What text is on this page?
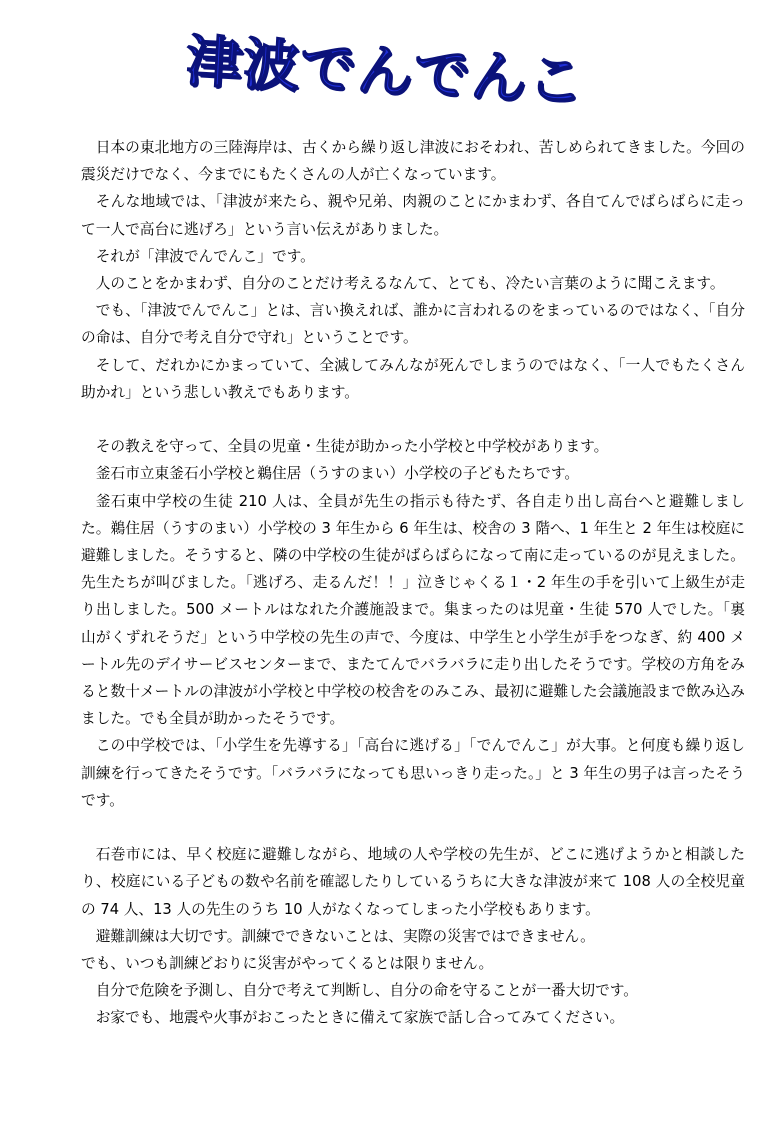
津波でんでんこ

日本の東北地方の三陸海岸は、古くから繰り返し津波におそわれ、苦しめられてきました。今回の震災だけでなく、今までにもたくさんの人が亡くなっています。

そんな地域では、「津波が来たら、親や兄弟、肉親のことにかまわず、各自てんでばらばらに走って一人で高台に逃げろ」という言い伝えがありました。

それが「津波でんでんこ」です。

人のことをかまわず、自分のことだけ考えるなんて、とても、冷たい言葉のように聞こえます。

でも、「津波でんでんこ」とは、言い換えれば、誰かに言われるのをまっているのではなく、「自分の命は、自分で考え自分で守れ」ということです。

そして、だれかにかまっていて、全滅してみんなが死んでしまうのではなく、「一人でもたくさん助かれ」という悲しい教えでもあります。

その教えを守って、全員の児童・生徒が助かった小学校と中学校があります。

釜石市立東釜石小学校と鵜住居（うすのまい）小学校の子どもたちです。

釜石東中学校の生徒 210 人は、全員が先生の指示も待たず、各自走り出し高台へと避難しました。鵜住居（うすのまい）小学校の 3 年生から 6 年生は、校舎の 3 階へ、1 年生と 2 年生は校庭に避難しました。そうすると、隣の中学校の生徒がばらばらになって南に走っているのが見えました。先生たちが叫びました。「逃げろ、走るんだ！！」泣きじゃくる１・2 年生の手を引いて上級生が走り出しました。500 メートルはなれた介護施設まで。集まったのは児童・生徒 570 人でした。「裏山がくずれそうだ」という中学校の先生の声で、今度は、中学生と小学生が手をつなぎ、約 400 メートル先のデイサービスセンターまで、またてんでバラバラに走り出したそうです。学校の方角をみると数十メートルの津波が小学校と中学校の校舎をのみこみ、最初に避難した会議施設まで飲み込みました。でも全員が助かったそうです。

この中学校では、「小学生を先導する」「高台に逃げる」「でんでんこ」が大事。と何度も繰り返し訓練を行ってきたそうです。「バラバラになっても思いっきり走った。」と 3 年生の男子は言ったそうです。

石巻市には、早く校庭に避難しながら、地域の人や学校の先生が、どこに逃げようかと相談したり、校庭にいる子どもの数や名前を確認したりしているうちに大きな津波が来て 108 人の全校児童の 74 人、13 人の先生のうち 10 人がなくなってしまった小学校もあります。

避難訓練は大切です。訓練でできないことは、実際の災害ではできません。

でも、いつも訓練どおりに災害がやってくるとは限りません。

自分で危険を予測し、自分で考えて判断し、自分の命を守ることが一番大切です。

お家でも、地震や火事がおこったときに備えて家族で話し合ってみてください。
